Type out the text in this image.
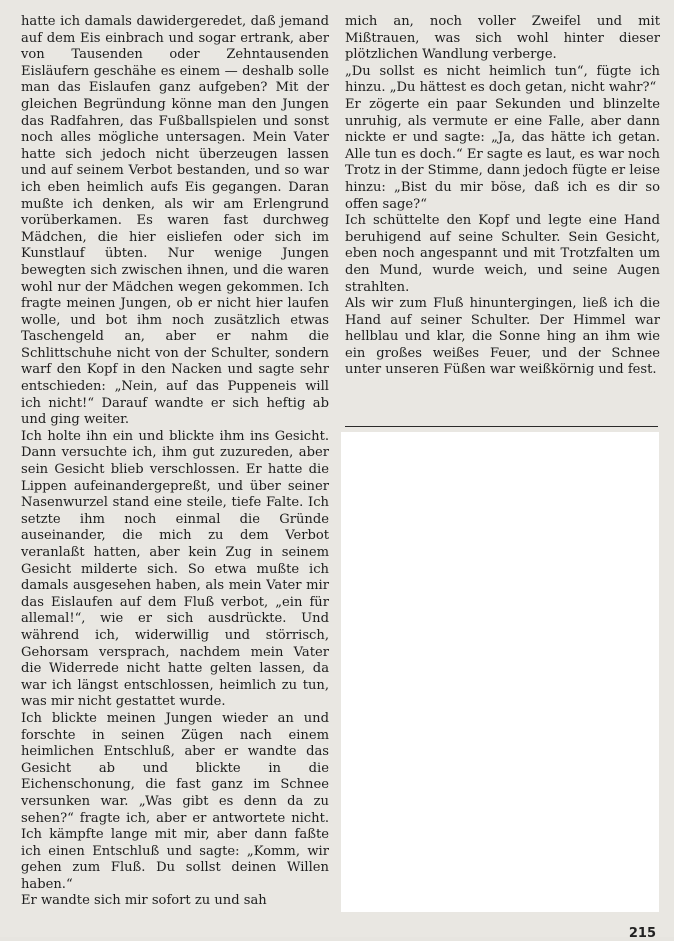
hatte ich damals dawidergeredet, daß jemand auf dem Eis einbrach und sogar ertrank, aber von Tausenden oder Zehntausenden Eisläufern geschähe es einem — deshalb solle man das Eislaufen ganz aufgeben? Mit der gleichen Begründung könne man den Jungen das Radfahren, das Fußballspielen und sonst noch alles mögliche untersagen. Mein Vater hatte sich jedoch nicht überzeugen lassen und auf seinem Verbot bestanden, und so war ich eben heimlich aufs Eis gegangen. Daran mußte ich denken, als wir am Erlengrund vorüberkamen. Es waren fast durchweg Mädchen, die hier eisliefen oder sich im Kunstlauf übten. Nur wenige Jungen bewegten sich zwischen ihnen, und die waren wohl nur der Mädchen wegen gekommen. Ich fragte meinen Jungen, ob er nicht hier laufen wolle, und bot ihm noch zusätzlich etwas Taschengeld an, aber er nahm die Schlittschuhe nicht von der Schulter, sondern warf den Kopf in den Nacken und sagte sehr entschieden: „Nein, auf das Puppeneis will ich nicht!“ Darauf wandte er sich heftig ab und ging weiter.

Ich holte ihn ein und blickte ihm ins Gesicht. Dann versuchte ich, ihm gut zuzureden, aber sein Gesicht blieb verschlossen. Er hatte die Lippen aufeinandergepreßt, und über seiner Nasenwurzel stand eine steile, tiefe Falte. Ich setzte ihm noch einmal die Gründe auseinander, die mich zu dem Verbot veranlaßt hatten, aber kein Zug in seinem Gesicht milderte sich. So etwa mußte ich damals ausgesehen haben, als mein Vater mir das Eislaufen auf dem Fluß verbot, „ein für allemal!“, wie er sich ausdrückte. Und während ich, widerwillig und störrisch, Gehorsam versprach, nachdem mein Vater die Widerrede nicht hatte gelten lassen, da war ich längst entschlossen, heimlich zu tun, was mir nicht gestattet wurde.

Ich blickte meinen Jungen wieder an und forschte in seinen Zügen nach einem heimlichen Entschluß, aber er wandte das Gesicht ab und blickte in die Eichenschonung, die fast ganz im Schnee versunken war. „Was gibt es denn da zu sehen?“ fragte ich, aber er antwortete nicht. Ich kämpfte lange mit mir, aber dann faßte ich einen Entschluß und sagte: „Komm, wir gehen zum Fluß. Du sollst deinen Willen haben.“

Er wandte sich mir sofort zu und sah

mich an, noch voller Zweifel und mit Mißtrauen, was sich wohl hinter dieser plötzlichen Wandlung verberge.

„Du sollst es nicht heimlich tun“, fügte ich hinzu. „Du hättest es doch getan, nicht wahr?“

Er zögerte ein paar Sekunden und blinzelte unruhig, als vermute er eine Falle, aber dann nickte er und sagte: „Ja, das hätte ich getan. Alle tun es doch.“ Er sagte es laut, es war noch Trotz in der Stimme, dann jedoch fügte er leise hinzu: „Bist du mir böse, daß ich es dir so offen sage?“

Ich schüttelte den Kopf und legte eine Hand beruhigend auf seine Schulter. Sein Gesicht, eben noch angespannt und mit Trotzfalten um den Mund, wurde weich, und seine Augen strahlten.

Als wir zum Fluß hinuntergingen, ließ ich die Hand auf seiner Schulter. Der Himmel war hellblau und klar, die Sonne hing an ihm wie ein großes weißes Feuer, und der Schnee unter unseren Füßen war weißkörnig und fest.

215
